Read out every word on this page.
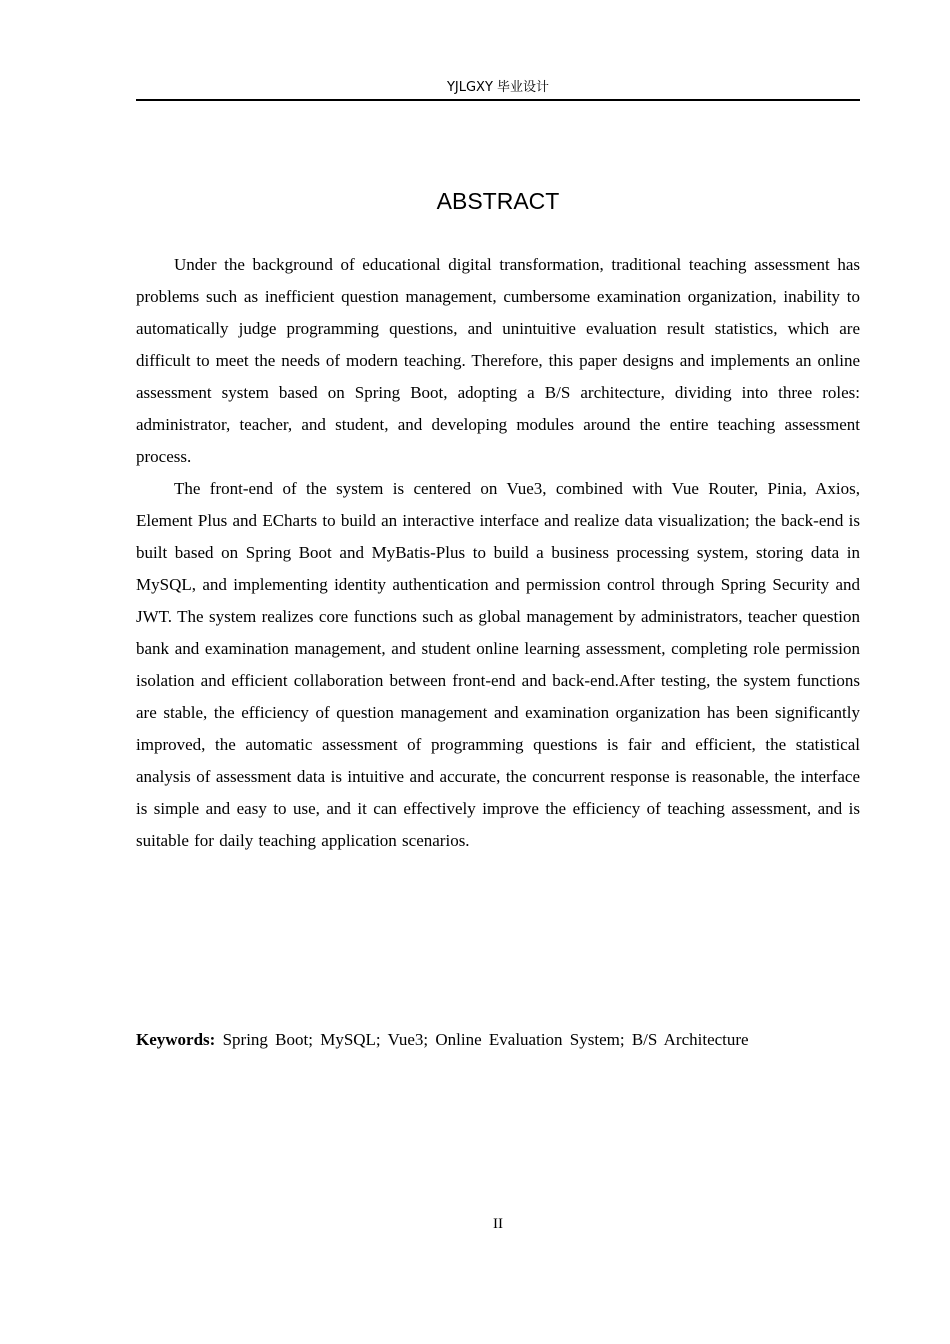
YJLGXY 毕业设计
ABSTRACT

Under the background of educational digital transformation, traditional teaching assessment has problems such as inefficient question management, cumbersome examination organization, inability to automatically judge programming questions, and unintuitive evaluation result statistics, which are difficult to meet the needs of modern teaching. Therefore, this paper designs and implements an online assessment system based on Spring Boot, adopting a B/S architecture, dividing into three roles: administrator, teacher, and student, and developing modules around the entire teaching assessment process.

The front-end of the system is centered on Vue3, combined with Vue Router, Pinia, Axios, Element Plus and ECharts to build an interactive interface and realize data visualization; the back-end is built based on Spring Boot and MyBatis-Plus to build a business processing system, storing data in MySQL, and implementing identity authentication and permission control through Spring Security and JWT. The system realizes core functions such as global management by administrators, teacher question bank and examination management, and student online learning assessment, completing role permission isolation and efficient collaboration between front-end and back-end.After testing, the system functions are stable, the efficiency of question management and examination organization has been significantly improved, the automatic assessment of programming questions is fair and efficient, the statistical analysis of assessment data is intuitive and accurate, the concurrent response is reasonable, the interface is simple and easy to use, and it can effectively improve the efficiency of teaching assessment, and is suitable for daily teaching application scenarios.

Keywords: Spring Boot; MySQL; Vue3; Online Evaluation System; B/S Architecture
II
